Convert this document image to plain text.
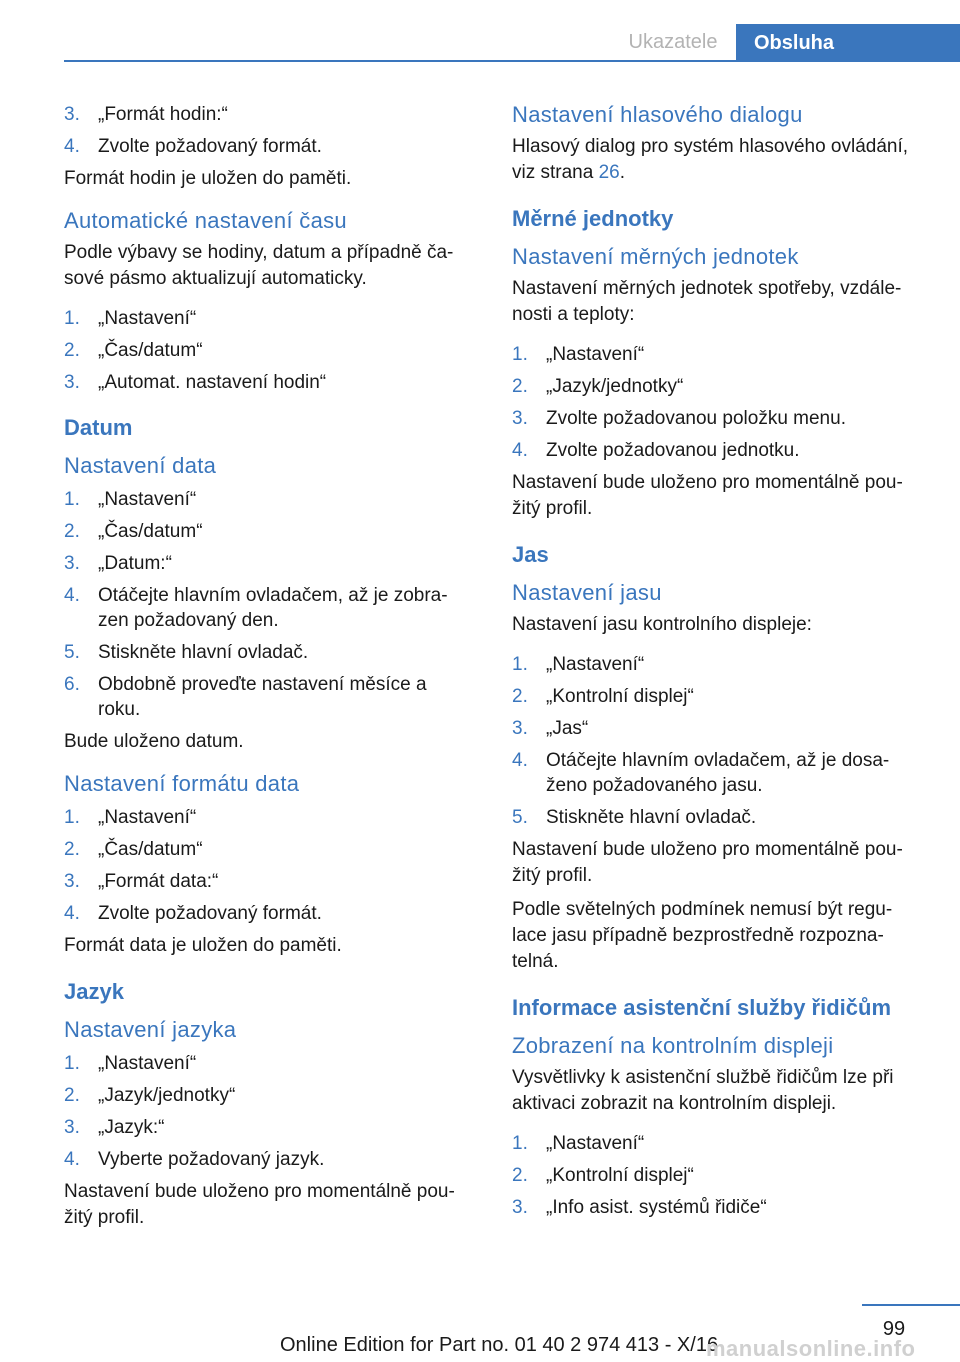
Ukazatele	Obsluha
3. „Formát hodin:“
4. Zvolte požadovaný formát.
Formát hodin je uložen do paměti.
Automatické nastavení času
Podle výbavy se hodiny, datum a případně ča‐ sové pásmo aktualizují automaticky.
1. „Nastavení“
2. „Čas/datum“
3. „Automat. nastavení hodin“
Datum
Nastavení data
1. „Nastavení“
2. „Čas/datum“
3. „Datum:“
4. Otáčejte hlavním ovladačem, až je zobra‐ zen požadovaný den.
5. Stiskněte hlavní ovladač.
6. Obdobně proveďte nastavení měsíce a roku.
Bude uloženo datum.
Nastavení formátu data
1. „Nastavení“
2. „Čas/datum“
3. „Formát data:“
4. Zvolte požadovaný formát.
Formát data je uložen do paměti.
Jazyk
Nastavení jazyka
1. „Nastavení“
2. „Jazyk/jednotky“
3. „Jazyk:“
4. Vyberte požadovaný jazyk.
Nastavení bude uloženo pro momentálně pou‐ žitý profil.
Nastavení hlasového dialogu
Hlasový dialog pro systém hlasového ovládání, viz strana 26.
Měrné jednotky
Nastavení měrných jednotek
Nastavení měrných jednotek spotřeby, vzdále‐ nosti a teploty:
1. „Nastavení“
2. „Jazyk/jednotky“
3. Zvolte požadovanou položku menu.
4. Zvolte požadovanou jednotku.
Nastavení bude uloženo pro momentálně pou‐ žitý profil.
Jas
Nastavení jasu
Nastavení jasu kontrolního displeje:
1. „Nastavení“
2. „Kontrolní displej“
3. „Jas“
4. Otáčejte hlavním ovladačem, až je dosa‐ ženo požadovaného jasu.
5. Stiskněte hlavní ovladač.
Nastavení bude uloženo pro momentálně pou‐ žitý profil.
Podle světelných podmínek nemusí být regu‐ lace jasu případně bezprostředně rozpozna‐ telná.
Informace asistenční služby řidičům
Zobrazení na kontrolním displeji
Vysvětlivky k asistenční službě řidičům lze při aktivaci zobrazit na kontrolním displeji.
1. „Nastavení“
2. „Kontrolní displej“
3. „Info asist. systémů řidiče“
99
Online Edition for Part no. 01 40 2 974 413 - X/16
manualsonline.info
